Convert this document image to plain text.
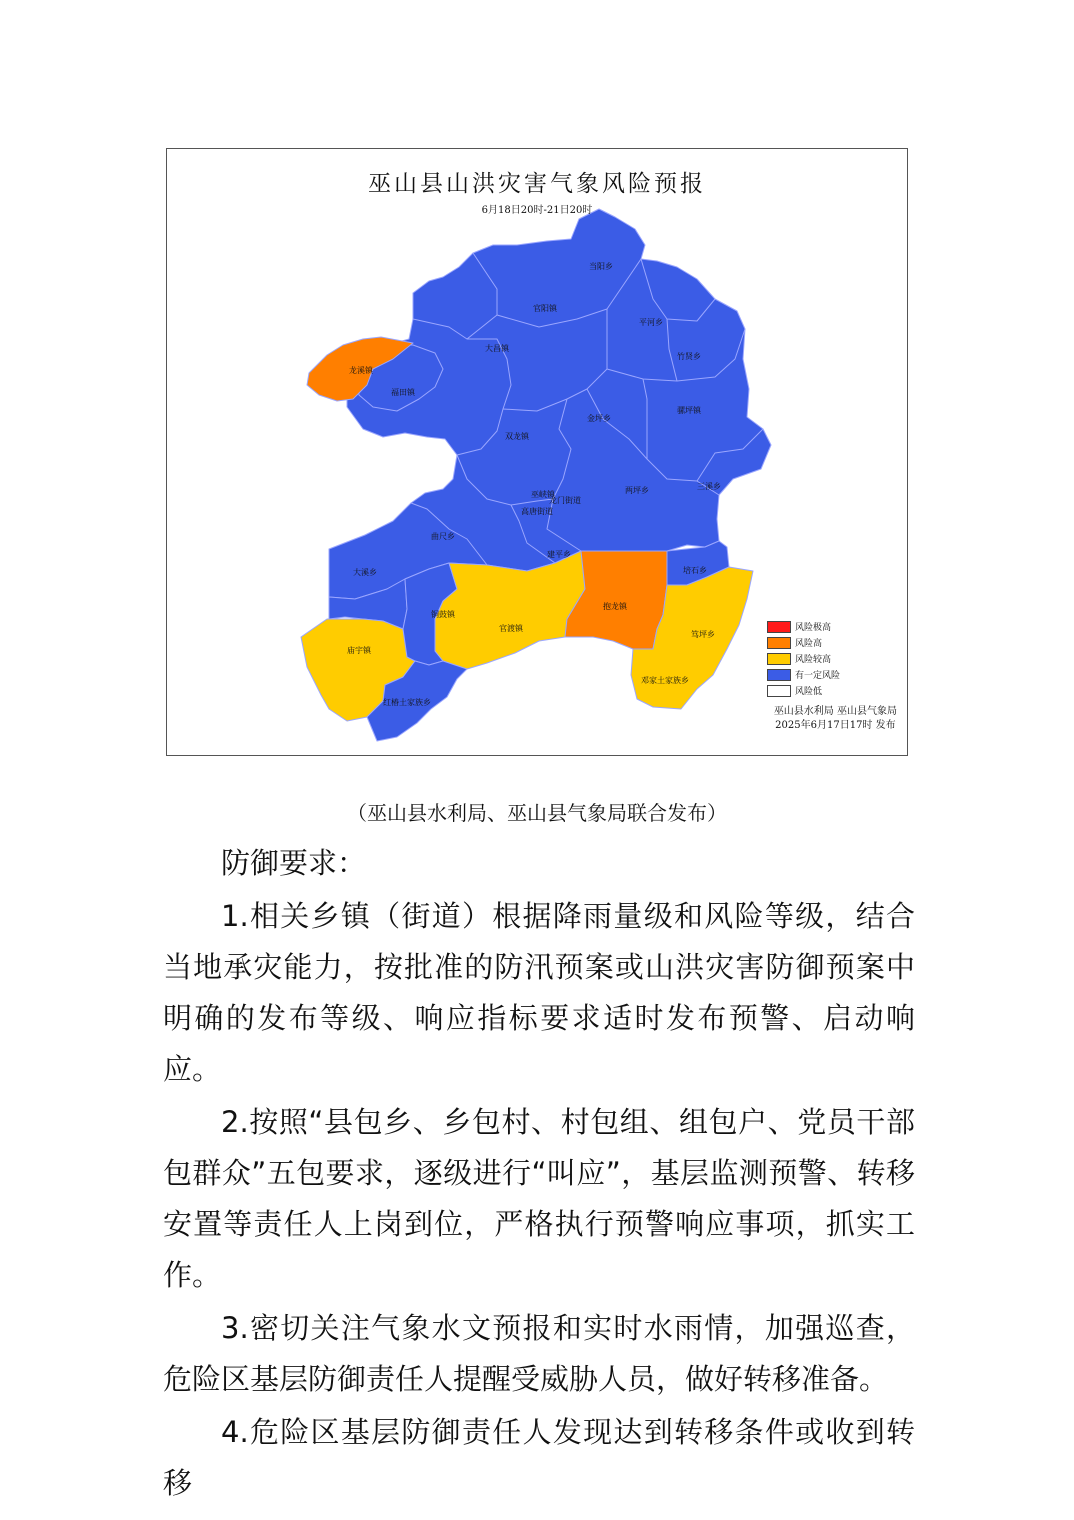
当阳乡
官阳镇
平河乡
大昌镇
竹贤乡
龙溪镇
福田镇
骡坪镇
金坪乡
双龙镇
巫峡镇
龙门街道
高唐街道
两坪乡	三溪乡
曲尺乡
建平乡
大溪乡
抱龙镇
培石乡
铜鼓镇
官渡镇
庙宇镇
笃坪乡
红椿土家族乡
邓家土家族乡
巫山县山洪灾害气象风险预报
6月18日20时-21日20时
风险极高
风险高
风险较高
有一定风险
风险低
巫山县水利局 巫山县气象局
2025年6月17日17时 发布
（巫山县水利局、巫山县气象局联合发布）

防御要求：

1.相关乡镇（街道）根据降雨量级和风险等级，结合当地承灾能力，按批准的防汛预案或山洪灾害防御预案中明确的发布等级、响应指标要求适时发布预警、启动响应。

2.按照“县包乡、乡包村、村包组、组包户、党员干部包群众”五包要求，逐级进行“叫应”，基层监测预警、转移安置等责任人上岗到位，严格执行预警响应事项，抓实工作。

3.密切关注气象水文预报和实时水雨情，加强巡查，危险区基层防御责任人提醒受威胁人员，做好转移准备。

4.危险区基层防御责任人发现达到转移条件或收到转移
